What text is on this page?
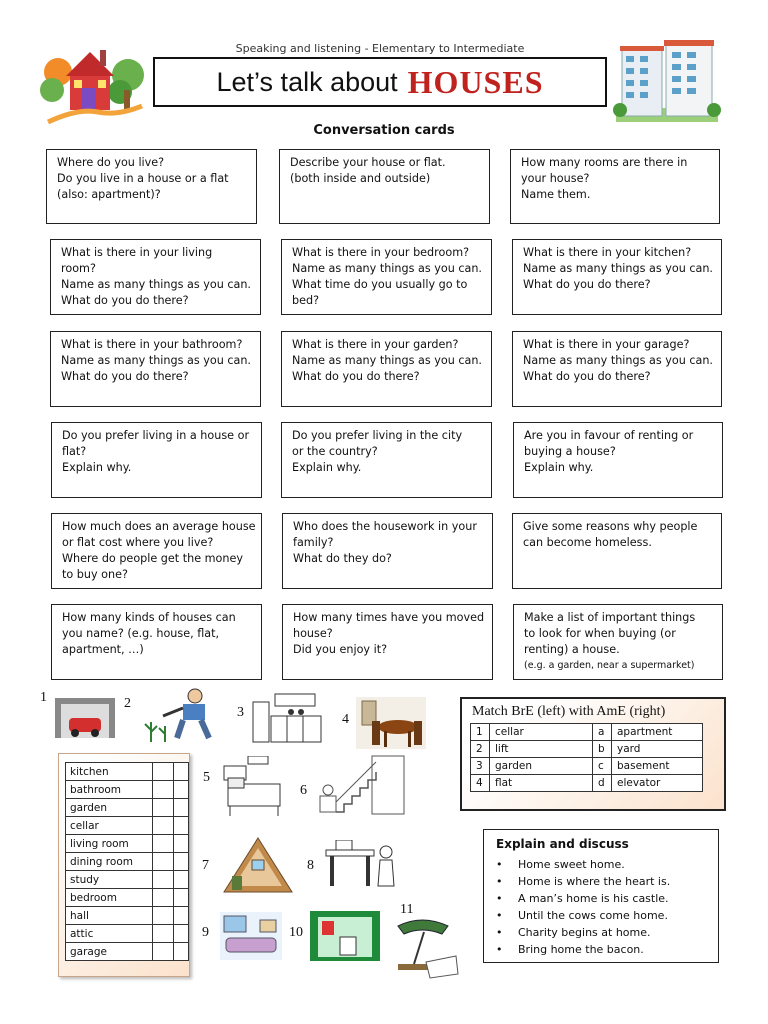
Speaking and listening - Elementary to Intermediate
Let’s talk about HOUSES
Conversation cards
Where do you live?
Do you live in a house or a flat
(also: apartment)?
Describe your house or flat.
(both inside and outside)
How many rooms are there in
your house?
Name them.
What is there in your living
room?
Name as many things as you can.
What do you do there?
What is there in your bedroom?
Name as many things as you can.
What time do you usually go to
bed?
What is there in your kitchen?
Name as many things as you can.
What do you do there?
What is there in your bathroom?
Name as many things as you can.
What do you do there?
What is there in your garden?
Name as many things as you can.
What do you do there?
What is there in your garage?
Name as many things as you can.
What do you do there?
Do you prefer living in a house or
flat?
Explain why.
Do you prefer living in the city
or the country?
Explain why.
Are you in favour of renting or
buying a house?
Explain why.
How much does an average house
or flat cost where you live?
Where do people get the money
to buy one?
Who does the housework in your
family?
What do they do?
Give some reasons why people
can become homeless.
How many kinds of houses can
you name? (e.g. house, flat,
apartment, …)
How many times have you moved
house?
Did you enjoy it?
Make a list of important things
to look for when buying (or
renting) a house.
(e.g. a garden, near a supermarket)
1	2
3	4
5
6
7	8
9	10
11
kitchen		
bathroom		
garden		
cellar		
living room		
dining room		
study		
bedroom		
hall		
attic		
garage		
Match BrE (left) with AmE (right)
1	cellar	a	apartment
2	lift	b	yard
3	garden	c	basement
4	flat	d	elevator
Explain and discuss
• Home sweet home.
• Home is where the heart is.
• A man’s home is his castle.
• Until the cows come home.
• Charity begins at home.
• Bring home the bacon.
